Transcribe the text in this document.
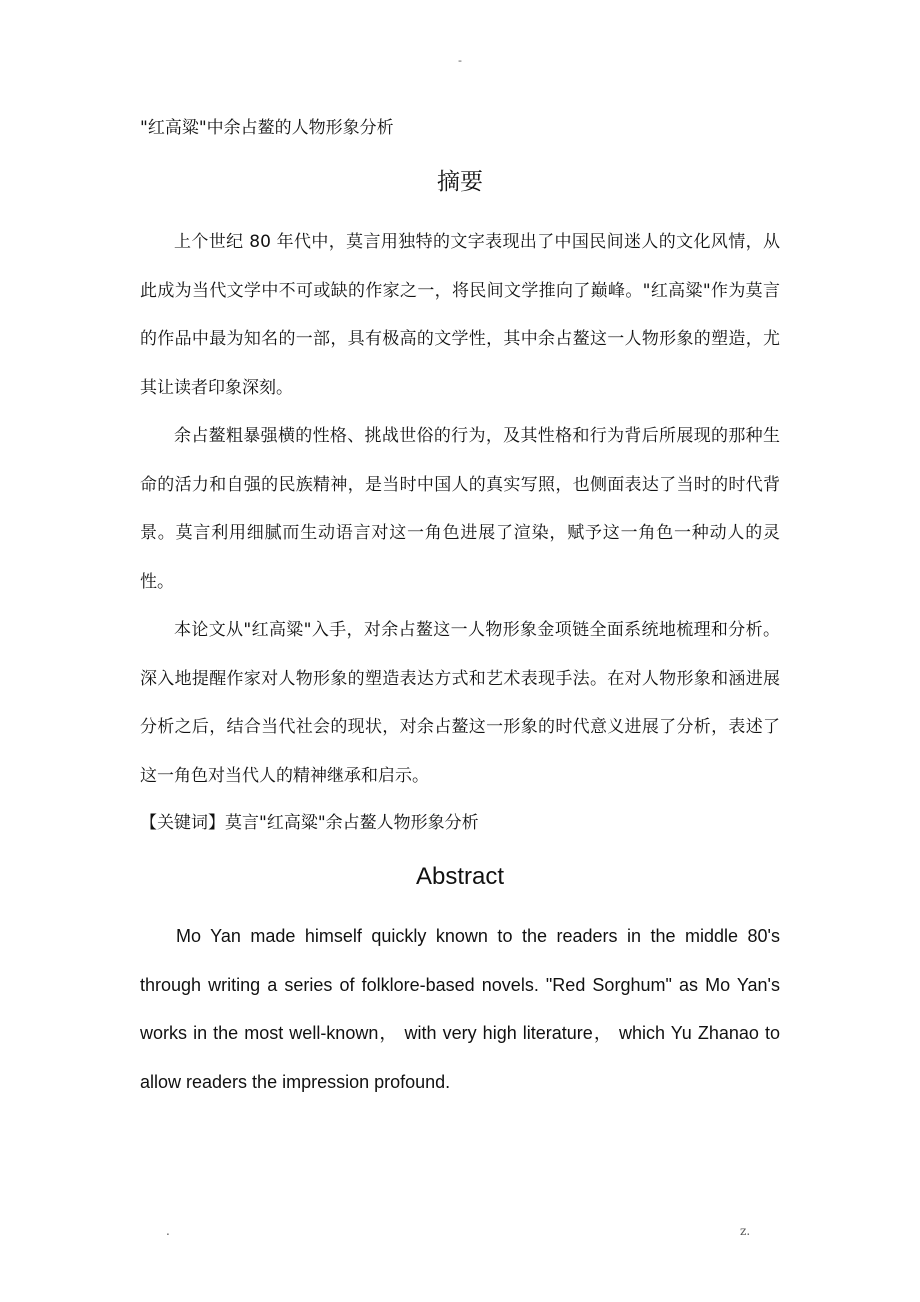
-
"红高粱"中余占鳌的人物形象分析
摘要

上个世纪 80 年代中，莫言用独特的文字表现出了中国民间迷人的文化风情，从此成为当代文学中不可或缺的作家之一，将民间文学推向了巅峰。"红高粱"作为莫言的作品中最为知名的一部，具有极高的文学性，其中余占鳌这一人物形象的塑造，尤其让读者印象深刻。

余占鳌粗暴强横的性格、挑战世俗的行为，及其性格和行为背后所展现的那种生命的活力和自强的民族精神，是当时中国人的真实写照，也侧面表达了当时的时代背景。莫言利用细腻而生动语言对这一角色进展了渲染，赋予这一角色一种动人的灵性。

本论文从"红高粱"入手，对余占鳌这一人物形象金项链全面系统地梳理和分析。深入地提醒作家对人物形象的塑造表达方式和艺术表现手法。在对人物形象和涵进展分析之后，结合当代社会的现状，对余占鳌这一形象的时代意义进展了分析，表述了这一角色对当代人的精神继承和启示。

【关键词】莫言"红高粱"余占鳌人物形象分析
Abstract

Mo Yan made himself quickly known to the readers in the middle 80's through writing a series of folklore-based novels. "Red Sorghum" as Mo Yan's works in the most well-known， with very high literature， which Yu Zhanao to allow readers the impression profound.

.	z.
